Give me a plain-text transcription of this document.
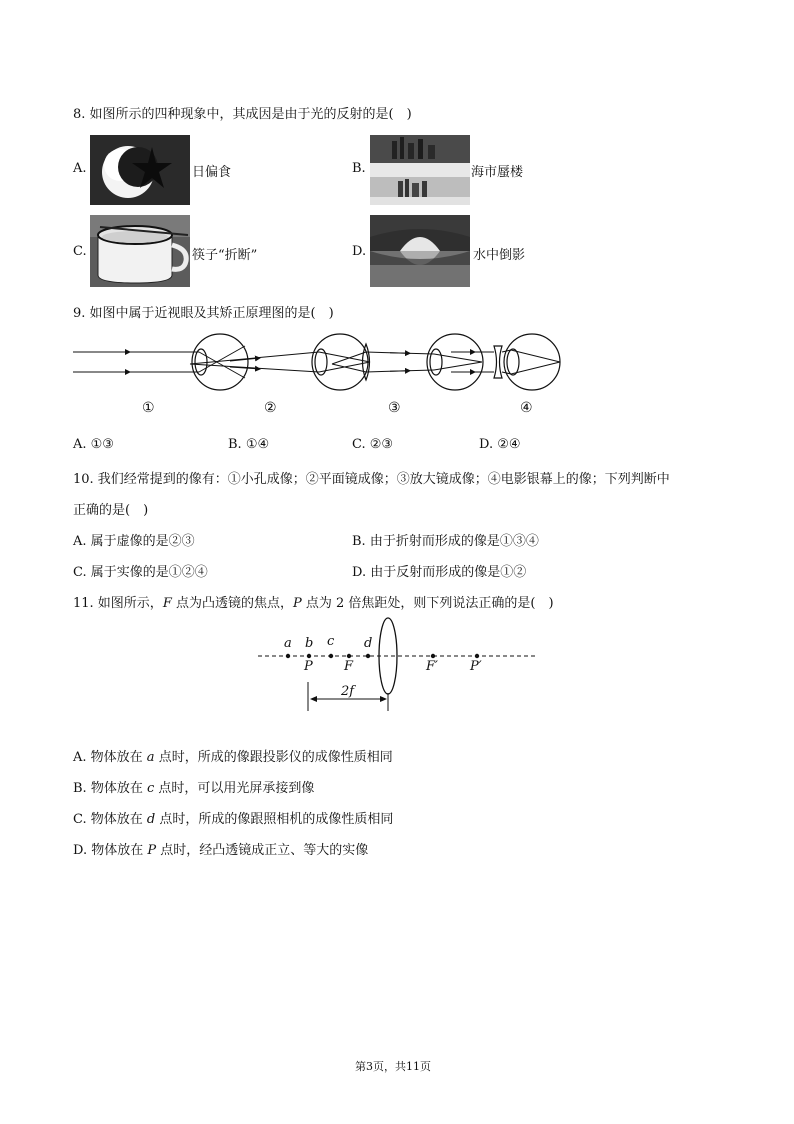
8. 如图所示的四种现象中，其成因是由于光的反射的是(　)
A.	日偏食	B.	海市蜃楼
C.	筷子“折断”	D.	水中倒影
9. 如图中属于近视眼及其矫正原理图的是(　)
①	②	③	④
A. ①③	B. ①④	C. ②③	D. ②④
10. 我们经常提到的像有：①小孔成像；②平面镜成像；③放大镜成像；④电影银幕上的像；下列判断中
正确的是(　)
A. 属于虚像的是②③	B. 由于折射而形成的像是①③④
C. 属于实像的是①②④	D. 由于反射而形成的像是①②
11. 如图所示，F 点为凸透镜的焦点，P 点为 2 倍焦距处，则下列说法正确的是(　)
a b c d
P F	F′ P′
2f
A. 物体放在 a 点时，所成的像跟投影仪的成像性质相同
B. 物体放在 c 点时，可以用光屏承接到像
C. 物体放在 d 点时，所成的像跟照相机的成像性质相同
D. 物体放在 P 点时，经凸透镜成正立、等大的实像
第3页，共11页
